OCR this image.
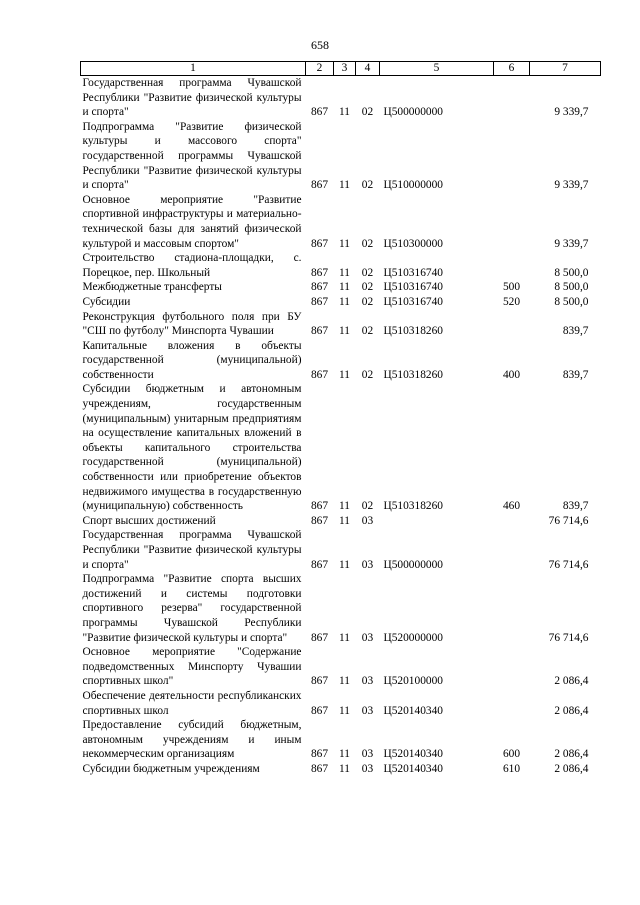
658
1	2	3	4	5	6	7
Государственная программа Чувашской Республики "Развитие физической культуры и спорта"	867	11	02	Ц500000000		9 339,7
Подпрограмма "Развитие физической культуры и массового спорта" государственной программы Чувашской Республики "Развитие физической культуры и спорта"	867	11	02	Ц510000000		9 339,7
Основное мероприятие "Развитие спортивной инфраструктуры и материально-технической базы для занятий физической культурой и массовым спортом"	867	11	02	Ц510300000		9 339,7
Строительство стадиона-площадки, с. Порецкое, пер. Школьный	867	11	02	Ц510316740		8 500,0
Межбюджетные трансферты	867	11	02	Ц510316740	500	8 500,0
Субсидии	867	11	02	Ц510316740	520	8 500,0
Реконструкция футбольного поля при БУ "СШ по футболу" Минспорта Чувашии	867	11	02	Ц510318260		839,7
Капитальные вложения в объекты государственной (муниципальной) собственности	867	11	02	Ц510318260	400	839,7
Субсидии бюджетным и автономным учреждениям, государственным (муниципальным) унитарным предприятиям на осуществление капитальных вложений в объекты капитального строительства государственной (муниципальной) собственности или приобретение объектов недвижимого имущества в государственную (муниципальную) собственность	867	11	02	Ц510318260	460	839,7
Спорт высших достижений	867	11	03			76 714,6
Государственная программа Чувашской Республики "Развитие физической культуры и спорта"	867	11	03	Ц500000000		76 714,6
Подпрограмма "Развитие спорта высших достижений и системы подготовки спортивного резерва" государственной программы Чувашской Республики "Развитие физической культуры и спорта"	867	11	03	Ц520000000		76 714,6
Основное мероприятие "Содержание подведомственных Минспорту Чувашии спортивных школ"	867	11	03	Ц520100000		2 086,4
Обеспечение деятельности республиканских спортивных школ	867	11	03	Ц520140340		2 086,4
Предоставление субсидий бюджетным, автономным учреждениям и иным некоммерческим организациям	867	11	03	Ц520140340	600	2 086,4
Субсидии бюджетным учреждениям	867	11	03	Ц520140340	610	2 086,4
